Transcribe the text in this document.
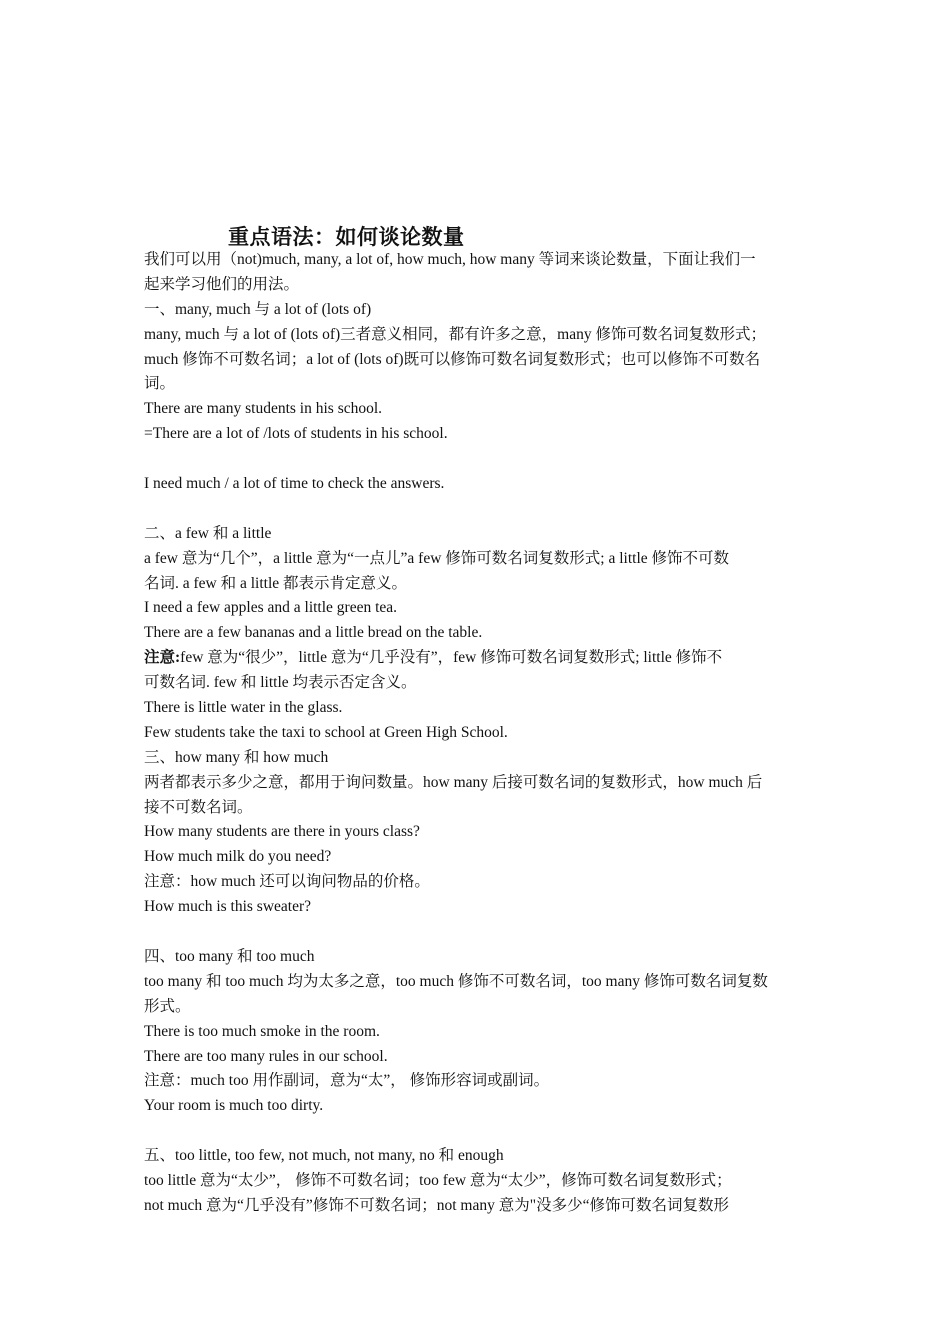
重点语法：如何谈论数量
我们可以用（not)much, many, a lot of, how much, how many 等词来谈论数量，下面让我们一
起来学习他们的用法。
一、many, much 与 a lot of (lots of)
many, much 与 a lot of (lots of)三者意义相同，都有许多之意，many 修饰可数名词复数形式；
much 修饰不可数名词；a lot of (lots of)既可以修饰可数名词复数形式；也可以修饰不可数名
词。
There are many students in his school.
=There are a lot of /lots of students in his school.
I need much / a lot of time to check the answers.
二、a few 和 a little
a few 意为“几个”，a little 意为“一点儿”a few 修饰可数名词复数形式; a little 修饰不可数
名词. a few 和 a little 都表示肯定意义。
I need a few apples and a little green tea.
There are a few bananas and a little bread on the table.
注意:few 意为“很少”，little 意为“几乎没有”，few 修饰可数名词复数形式; little 修饰不
可数名词. few 和 little 均表示否定含义。
There is little water in the glass.
Few students take the taxi to school at Green High School.
三、how many 和 how much
两者都表示多少之意，都用于询问数量。how many 后接可数名词的复数形式，how much 后
接不可数名词。
How many students are there in yours class?
How much milk do you need?
注意：how much 还可以询问物品的价格。
How much is this sweater?
四、too many 和 too much
too many 和 too much 均为太多之意，too much 修饰不可数名词，too many 修饰可数名词复数
形式。
There is too much smoke in the room.
There are too many rules in our school.
注意：much too 用作副词，意为“太”， 修饰形容词或副词。
Your room is much too dirty.
五、too little, too few, not much, not many, no 和 enough
too little 意为“太少”， 修饰不可数名词；too few 意为“太少”，修饰可数名词复数形式；
not much 意为“几乎没有”修饰不可数名词；not many 意为"没多少“修饰可数名词复数形
